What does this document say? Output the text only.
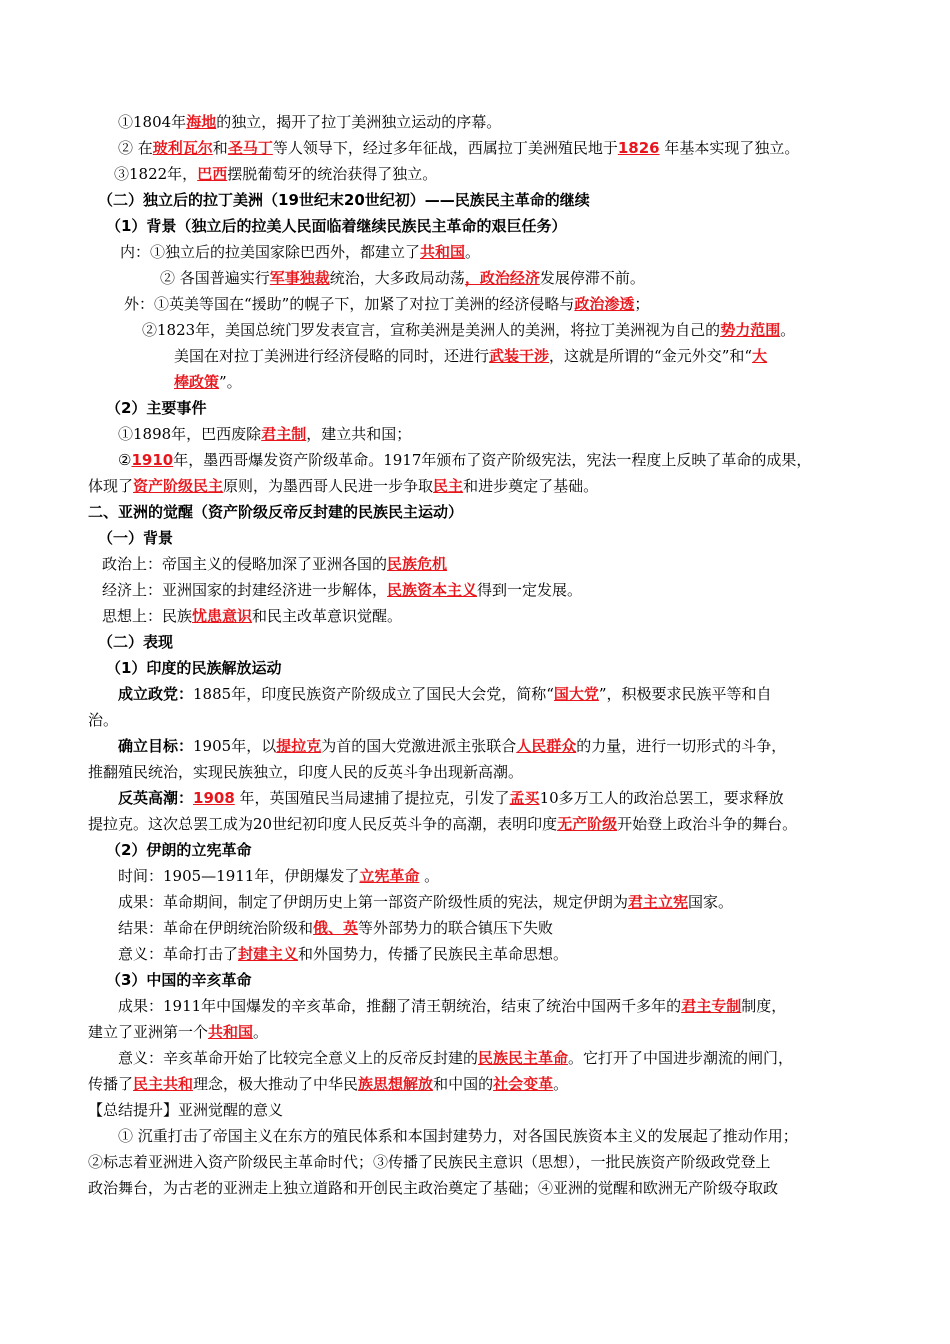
①1804年海地的独立，揭开了拉丁美洲独立运动的序幕。
② 在玻利瓦尔和圣马丁等人领导下，经过多年征战，西属拉丁美洲殖民地于1826 年基本实现了独立。
③1822年，巴西摆脱葡萄牙的统治获得了独立。
（二）独立后的拉丁美洲（19世纪末20世纪初）——民族民主革命的继续
（1）背景（独立后的拉美人民面临着继续民族民主革命的艰巨任务）
内：①独立后的拉美国家除巴西外，都建立了共和国。
② 各国普遍实行军事独裁统治，大多政局动荡，政治经济发展停滞不前。
外：①英美等国在“援助”的幌子下，加紧了对拉丁美洲的经济侵略与政治渗透；
②1823年，美国总统门罗发表宣言，宣称美洲是美洲人的美洲，将拉丁美洲视为自己的势力范围。
美国在对拉丁美洲进行经济侵略的同时，还进行武装干涉，这就是所谓的“金元外交”和“大
棒政策”。
（2）主要事件
①1898年，巴西废除君主制，建立共和国；
②1910年，墨西哥爆发资产阶级革命。1917年颁布了资产阶级宪法，宪法一程度上反映了革命的成果，
体现了资产阶级民主原则，为墨西哥人民进一步争取民主和进步奠定了基础。
二、亚洲的觉醒（资产阶级反帝反封建的民族民主运动）
（一）背景
政治上：帝国主义的侵略加深了亚洲各国的民族危机
经济上：亚洲国家的封建经济进一步解体，民族资本主义得到一定发展。
思想上：民族忧患意识和民主改革意识觉醒。
（二）表现
（1）印度的民族解放运动
成立政党：1885年，印度民族资产阶级成立了国民大会党，简称“国大党”，积极要求民族平等和自
治。
确立目标：1905年，以提拉克为首的国大党激进派主张联合人民群众的力量，进行一切形式的斗争，
推翻殖民统治，实现民族独立，印度人民的反英斗争出现新高潮。
反英高潮：1908 年，英国殖民当局逮捕了提拉克，引发了孟买10多万工人的政治总罢工，要求释放
提拉克。这次总罢工成为20世纪初印度人民反英斗争的高潮，表明印度无产阶级开始登上政治斗争的舞台。
（2）伊朗的立宪革命
时间：1905—1911年，伊朗爆发了立宪革命 。
成果：革命期间，制定了伊朗历史上第一部资产阶级性质的宪法，规定伊朗为君主立宪国家。
结果：革命在伊朗统治阶级和俄、英等外部势力的联合镇压下失败
意义：革命打击了封建主义和外国势力，传播了民族民主革命思想。
（3）中国的辛亥革命
成果：1911年中国爆发的辛亥革命，推翻了清王朝统治，结束了统治中国两千多年的君主专制制度，
建立了亚洲第一个共和国。
意义：辛亥革命开始了比较完全意义上的反帝反封建的民族民主革命。它打开了中国进步潮流的闸门，
传播了民主共和理念，极大推动了中华民族思想解放和中国的社会变革。
【总结提升】亚洲觉醒的意义
① 沉重打击了帝国主义在东方的殖民体系和本国封建势力，对各国民族资本主义的发展起了推动作用；
②标志着亚洲进入资产阶级民主革命时代；③传播了民族民主意识（思想），一批民族资产阶级政党登上
政治舞台，为古老的亚洲走上独立道路和开创民主政治奠定了基础；④亚洲的觉醒和欧洲无产阶级夺取政
